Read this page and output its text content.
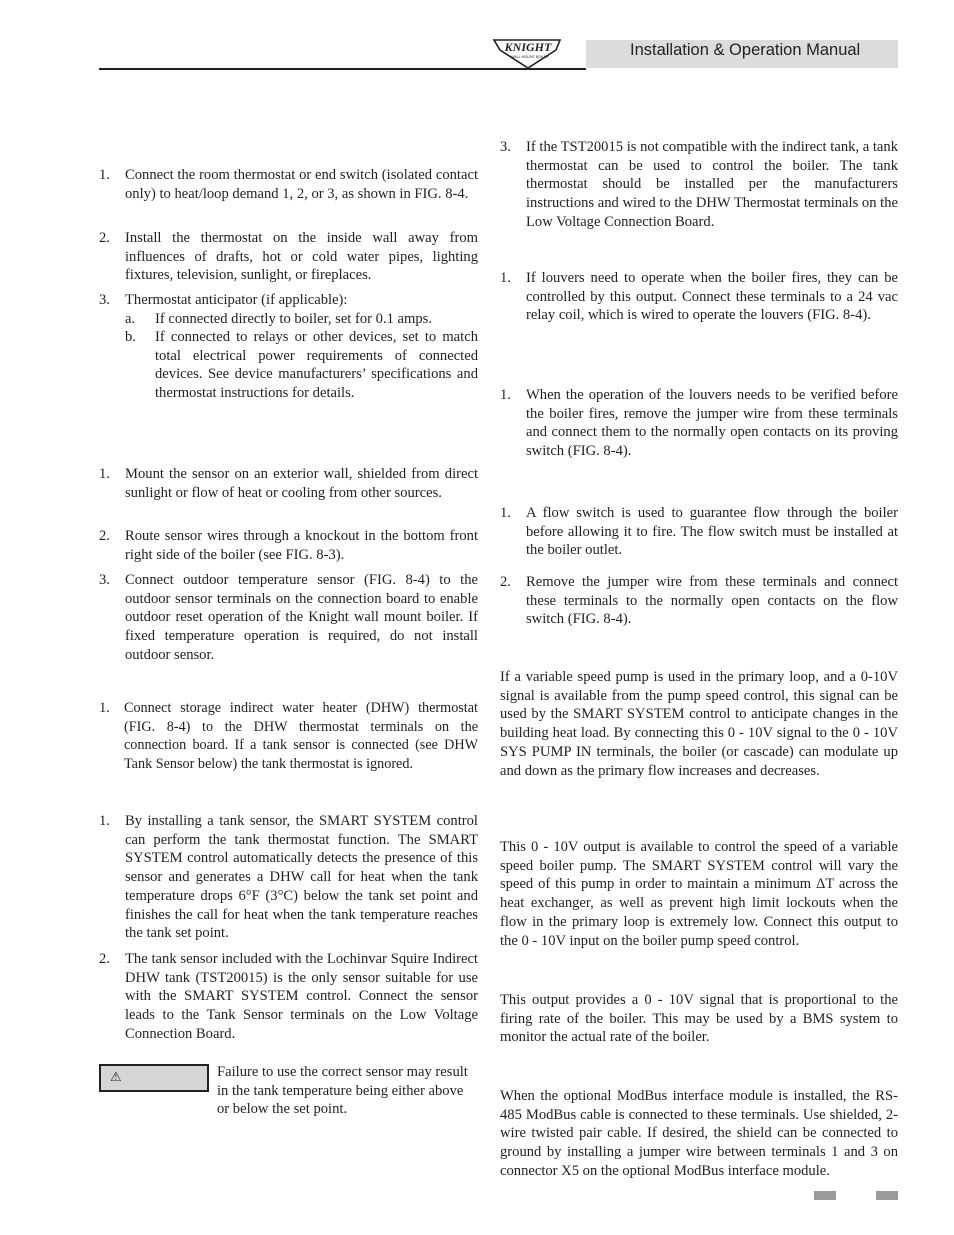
KNIGHT
WALL MOUNT BOILER	Installation & Operation Manual
1. Connect the room thermostat or end switch (isolated contact only) to heat/loop demand 1, 2, or 3, as shown in FIG. 8-4.
2. Install the thermostat on the inside wall away from influences of drafts, hot or cold water pipes, lighting fixtures, television, sunlight, or fireplaces.
3. Thermostat anticipator (if applicable):
a. If connected directly to boiler, set for 0.1 amps.
b. If connected to relays or other devices, set to match total electrical power requirements of connected devices. See device manufacturers’ specifications and thermostat instructions for details.
1. Mount the sensor on an exterior wall, shielded from direct sunlight or flow of heat or cooling from other sources.
2. Route sensor wires through a knockout in the bottom front right side of the boiler (see FIG. 8-3).
3. Connect outdoor temperature sensor (FIG. 8-4) to the outdoor sensor terminals on the connection board to enable outdoor reset operation of the Knight wall mount boiler. If fixed temperature operation is required, do not install outdoor sensor.
1. Connect storage indirect water heater (DHW) thermostat (FIG. 8-4) to the DHW thermostat terminals on the connection board. If a tank sensor is connected (see DHW Tank Sensor below) the tank thermostat is ignored.
1. By installing a tank sensor, the SMART SYSTEM control can perform the tank thermostat function. The SMART SYSTEM control automatically detects the presence of this sensor and generates a DHW call for heat when the tank temperature drops 6°F (3°C) below the tank set point and finishes the call for heat when the tank temperature reaches the tank set point.
2. The tank sensor included with the Lochinvar Squire Indirect DHW tank (TST20015) is the only sensor suitable for use with the SMART SYSTEM control. Connect the sensor leads to the Tank Sensor terminals on the Low Voltage Connection Board.
⚠	Failure to use the correct sensor may result in the tank temperature being either above or below the set point.
3. If the TST20015 is not compatible with the indirect tank, a tank thermostat can be used to control the boiler. The tank thermostat should be installed per the manufacturers instructions and wired to the DHW Thermostat terminals on the Low Voltage Connection Board.
1. If louvers need to operate when the boiler fires, they can be controlled by this output. Connect these terminals to a 24 vac relay coil, which is wired to operate the louvers (FIG. 8-4).
1. When the operation of the louvers needs to be verified before the boiler fires, remove the jumper wire from these terminals and connect them to the normally open contacts on its proving switch (FIG. 8-4).
1. A flow switch is used to guarantee flow through the boiler before allowing it to fire. The flow switch must be installed at the boiler outlet.
2. Remove the jumper wire from these terminals and connect these terminals to the normally open contacts on the flow switch (FIG. 8-4).
If a variable speed pump is used in the primary loop, and a 0-10V signal is available from the pump speed control, this signal can be used by the SMART SYSTEM control to anticipate changes in the building heat load. By connecting this 0 - 10V signal to the 0 - 10V SYS PUMP IN terminals, the boiler (or cascade) can modulate up and down as the primary flow increases and decreases.
This 0 - 10V output is available to control the speed of a variable speed boiler pump. The SMART SYSTEM control will vary the speed of this pump in order to maintain a minimum ΔT across the heat exchanger, as well as prevent high limit lockouts when the flow in the primary loop is extremely low. Connect this output to the 0 - 10V input on the boiler pump speed control.
This output provides a 0 - 10V signal that is proportional to the firing rate of the boiler. This may be used by a BMS system to monitor the actual rate of the boiler.
When the optional ModBus interface module is installed, the RS-485 ModBus cable is connected to these terminals. Use shielded, 2-wire twisted pair cable. If desired, the shield can be connected to ground by installing a jumper wire between terminals 1 and 3 on connector X5 on the optional ModBus interface module.
